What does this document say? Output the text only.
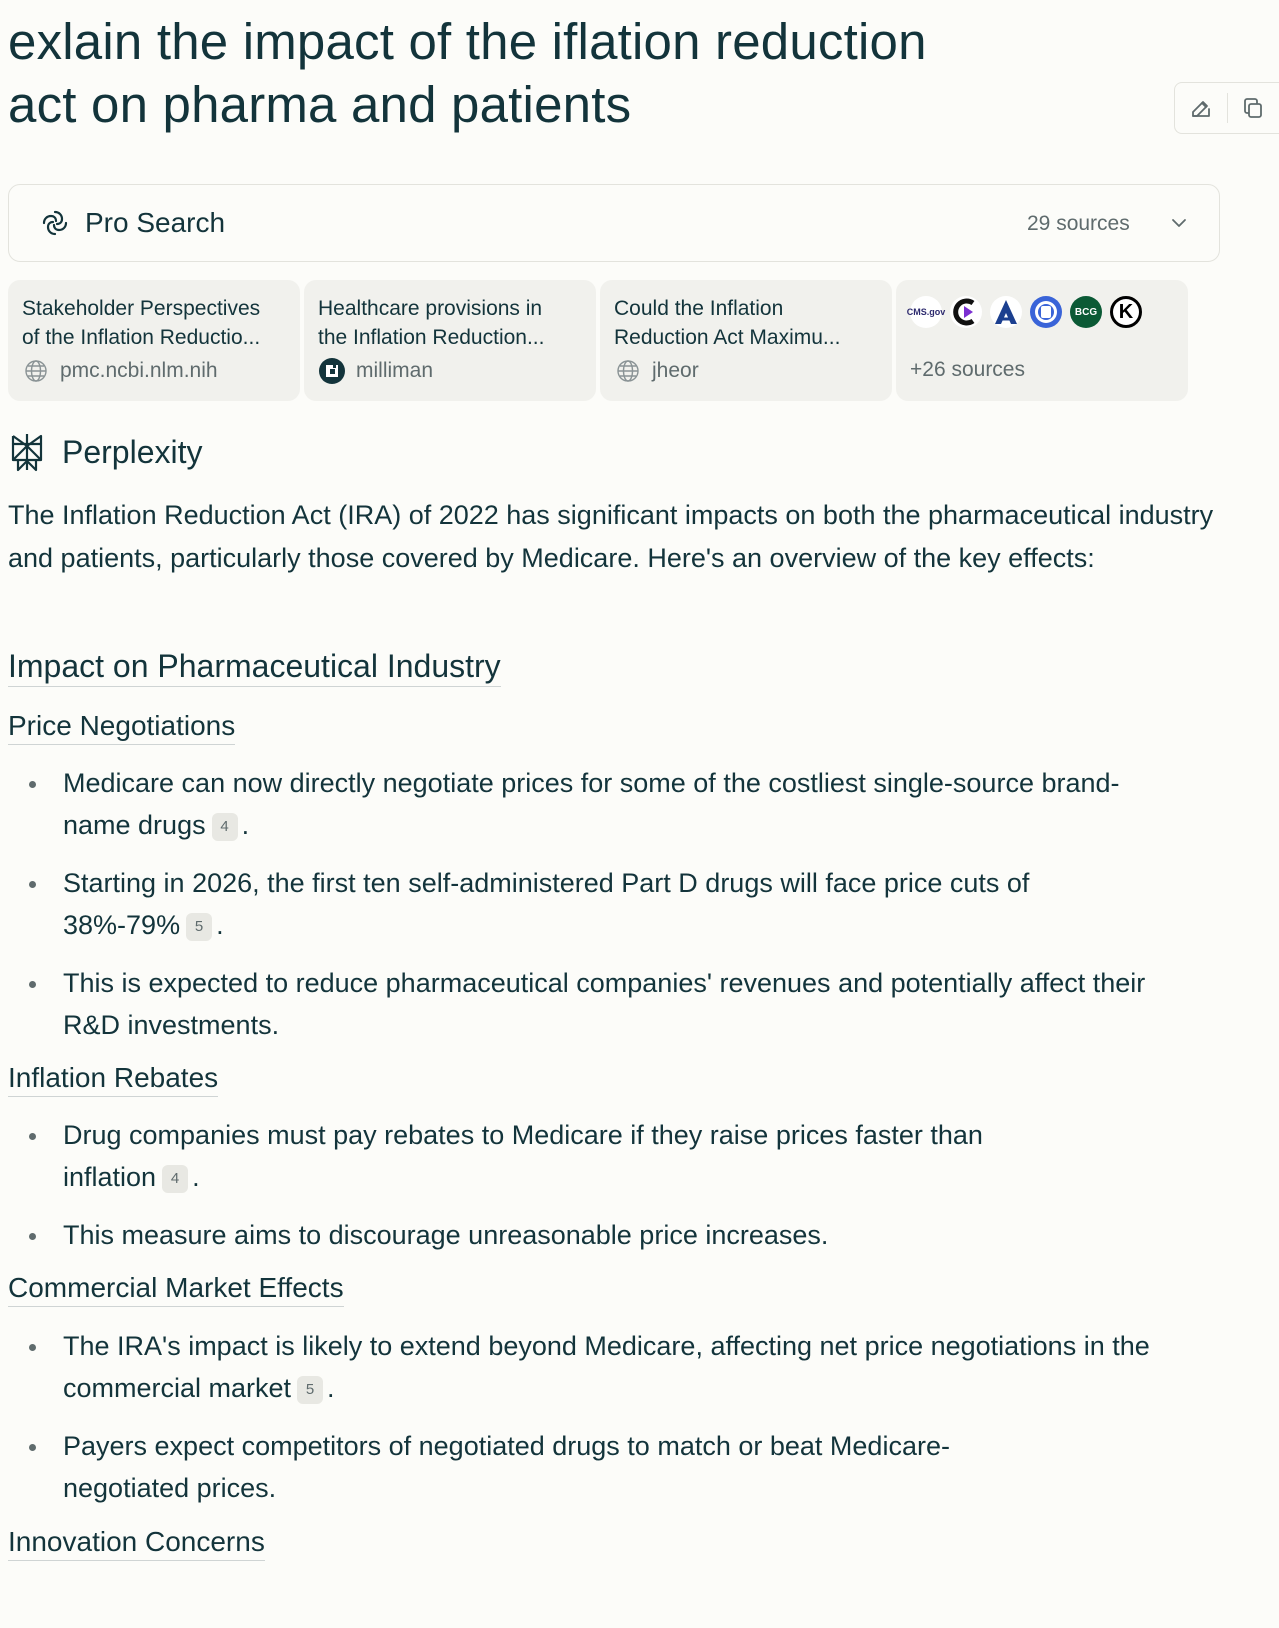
exlain the impact of the iflation reduction
act on pharma and patients
Pro Search	29 sources
Stakeholder Perspectives
of the Inflation Reductio...
pmc.ncbi.nlm.nih
Healthcare provisions in
the Inflation Reduction...
milliman
Could the Inflation
Reduction Act Maximu...
jheor
CMS.gov	BCG K
+26 sources
Perplexity

The Inflation Reduction Act (IRA) of 2022 has significant impacts on both the pharmaceutical industry and patients, particularly those covered by Medicare. Here's an overview of the key effects:

Impact on Pharmaceutical Industry
Price Negotiations
Medicare can now directly negotiate prices for some of the costliest single-source brand-name drugs 4 .
Starting in 2026, the first ten self-administered Part D drugs will face price cuts of 38%-79% 5 .
This is expected to reduce pharmaceutical companies' revenues and potentially affect their R&D investments.
Inflation Rebates
Drug companies must pay rebates to Medicare if they raise prices faster than inflation 4 .
This measure aims to discourage unreasonable price increases.
Commercial Market Effects
The IRA's impact is likely to extend beyond Medicare, affecting net price negotiations in the commercial market 5 .
Payers expect competitors of negotiated drugs to match or beat Medicare-negotiated prices.
Innovation Concerns
